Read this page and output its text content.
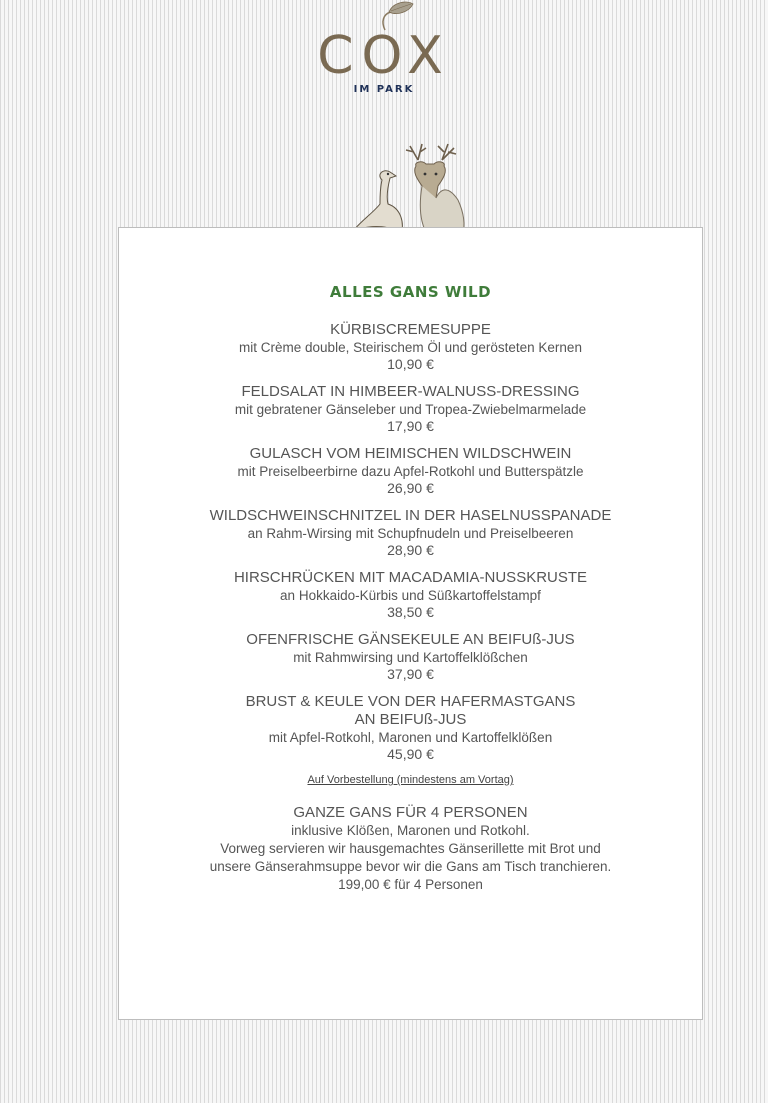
COX
IM PARK
ALLES GANS WILD
KÜRBISCREMESUPPE
mit Crème double, Steirischem Öl und gerösteten Kernen
10,90 €
FELDSALAT IN HIMBEER-WALNUSS-DRESSING
mit gebratener Gänseleber und Tropea-Zwiebelmarmelade
17,90 €
GULASCH VOM HEIMISCHEN WILDSCHWEIN
mit Preiselbeerbirne dazu Apfel-Rotkohl und Butterspätzle
26,90 €
WILDSCHWEINSCHNITZEL IN DER HASELNUSSPANADE
an Rahm-Wirsing mit Schupfnudeln und Preiselbeeren
28,90 €
HIRSCHRÜCKEN MIT MACADAMIA-NUSSKRUSTE
an Hokkaido-Kürbis und Süßkartoffelstampf
38,50 €
OFENFRISCHE GÄNSEKEULE AN BEIFUß-JUS
mit Rahmwirsing und Kartoffelklößchen
37,90 €
BRUST & KEULE VON DER HAFERMASTGANS
AN BEIFUß-JUS
mit Apfel-Rotkohl, Maronen und Kartoffelklößen
45,90 €
Auf Vorbestellung (mindestens am Vortag)
GANZE GANS FÜR 4 PERSONEN
inklusive Klößen, Maronen und Rotkohl.
Vorweg servieren wir hausgemachtes Gänserillette mit Brot und
unsere Gänserahmsuppe bevor wir die Gans am Tisch tranchieren.
199,00 € für 4 Personen
